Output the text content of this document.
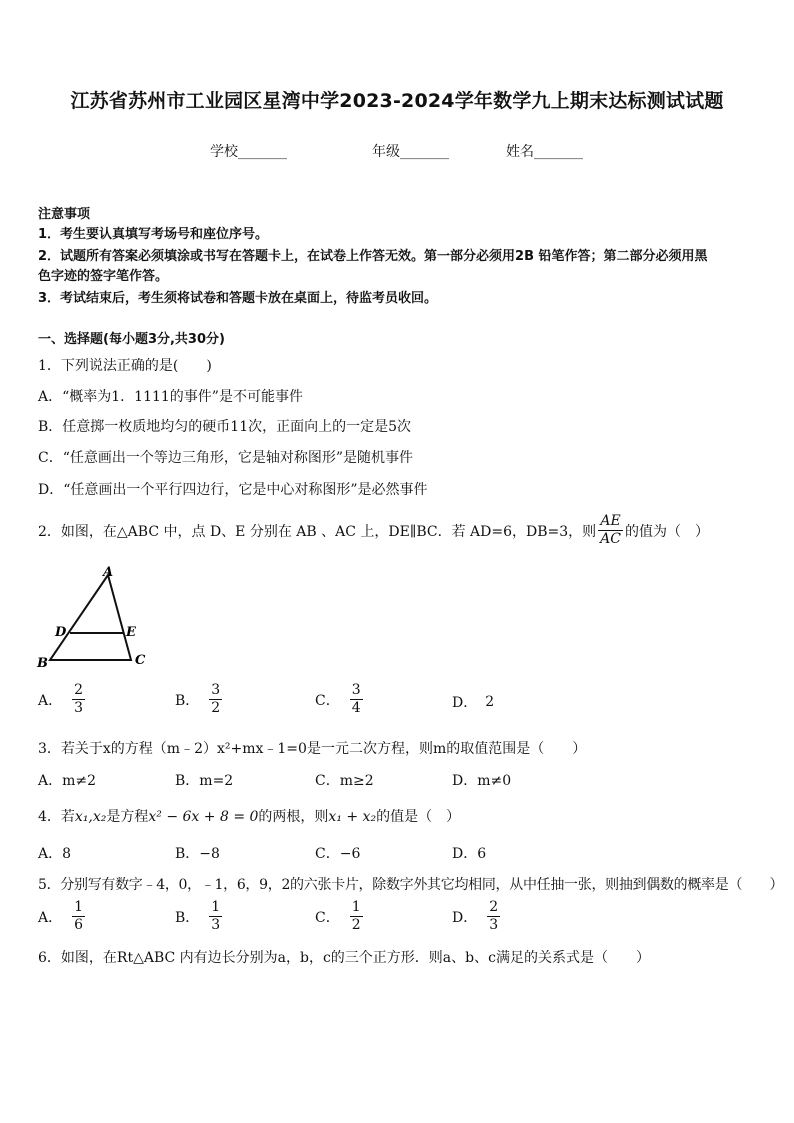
江苏省苏州市工业园区星湾中学2023-2024学年数学九上期末达标测试试题
学校_______	年级_______	姓名_______
注意事项
1．考生要认真填写考场号和座位序号。
2．试题所有答案必须填涂或书写在答题卡上，在试卷上作答无效。第一部分必须用2B 铅笔作答；第二部分必须用黑
色字迹的签字笔作答。
3．考试结束后，考生须将试卷和答题卡放在桌面上，待监考员收回。
一、选择题(每小题3分,共30分)
1．下列说法正确的是(　　)
A．“概率为1．1111的事件”是不可能事件
B．任意掷一枚质地均匀的硬币11次，正面向上的一定是5次
C．“任意画出一个等边三角形，它是轴对称图形”是随机事件
D．“任意画出一个平行四边行，它是中心对称图形”是必然事件
2．如图，在△ABC 中，点 D、E 分别在 AB 、AC 上，DE∥BC．若 AD=6，DB=3，则 $\frac{AE}{AC}$ 的值为（　）
A
B	C
D	E
A． $\frac{2}{3}$	B． $\frac{3}{2}$	C． $\frac{3}{4}$	D． 2
3．若关于x的方程（m﹣2）x²+mx﹣1=0是一元二次方程，则m的取值范围是（　　）
A．m≠2	B．m=2	C．m≥2	D．m≠0
4．若x₁,x₂是方程x² − 6x + 8 = 0的两根，则x₁ + x₂的值是（　）
A．8	B．−8	C．−6	D．6
5．分别写有数字﹣4，0，﹣1，6，9，2的六张卡片，除数字外其它均相同，从中任抽一张，则抽到偶数的概率是（　　）
A． $\frac{1}{6}$	B． $\frac{1}{3}$	C． $\frac{1}{2}$	D． $\frac{2}{3}$
6．如图，在Rt△ABC 内有边长分别为a，b，c的三个正方形．则a、b、c满足的关系式是（　　）
